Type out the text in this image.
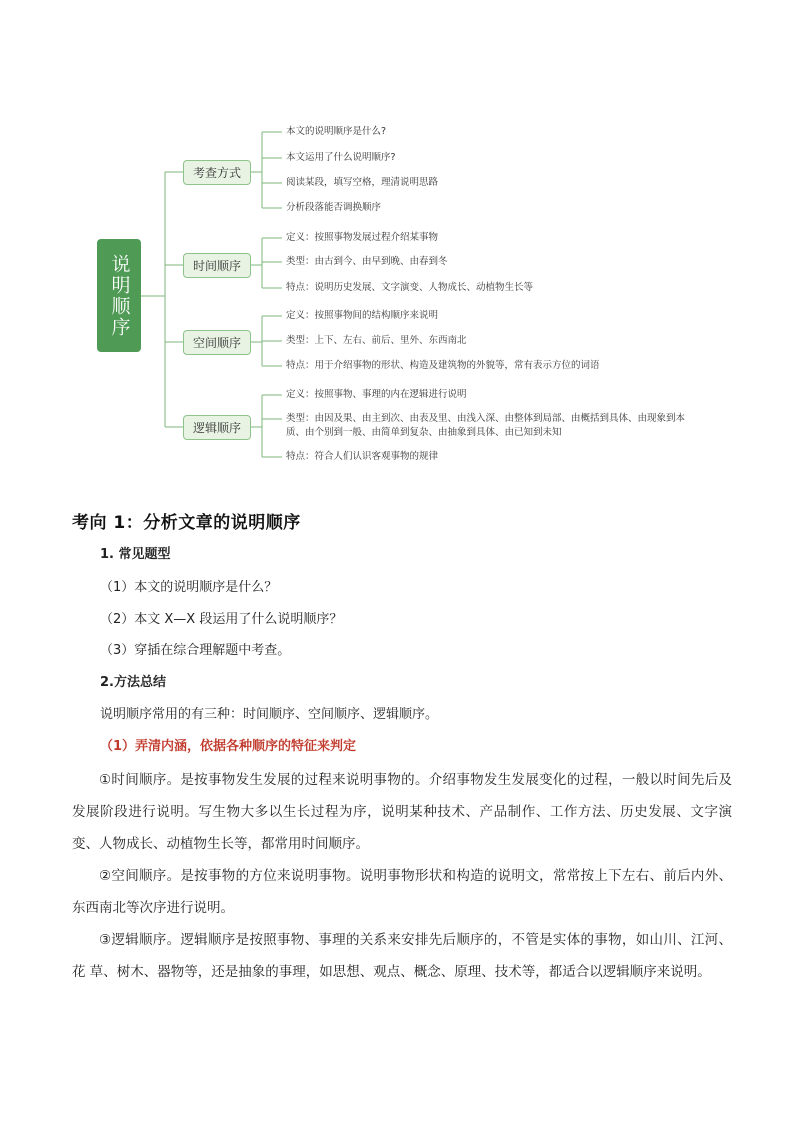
说明顺序
考查方式
时间顺序
空间顺序
逻辑顺序
本文的说明顺序是什么?
本文运用了什么说明顺序?
阅读某段，填写空格，理清说明思路
分析段落能否调换顺序
定义：按照事物发展过程介绍某事物
类型：由古到今、由早到晚、由春到冬
特点：说明历史发展、文字演变、人物成长、动植物生长等
定义：按照事物间的结构顺序来说明
类型：上下、左右、前后、里外、东西南北
特点：用于介绍事物的形状、构造及建筑物的外貌等，常有表示方位的词语
定义：按照事物、事理的内在逻辑进行说明
类型：由因及果、由主到次、由表及里、由浅入深、由整体到局部、由概括到具体、由现象到本质、由个别到一般、由简单到复杂、由抽象到具体、由已知到未知
特点：符合人们认识客观事物的规律
考向 1：分析文章的说明顺序
1. 常见题型
（1）本文的说明顺序是什么？
（2）本文 X—X 段运用了什么说明顺序？
（3）穿插在综合理解题中考查。
2.方法总结
说明顺序常用的有三种：时间顺序、空间顺序、逻辑顺序。
（1）弄清内涵，依据各种顺序的特征来判定
①时间顺序。是按事物发生发展的过程来说明事物的。介绍事物发生发展变化的过程，一般以时间先后及发展阶段进行说明。写生物大多以生长过程为序，说明某种技术、产品制作、工作方法、历史发展、文字演变、人物成长、动植物生长等，都常用时间顺序。
②空间顺序。是按事物的方位来说明事物。说明事物形状和构造的说明文，常常按上下左右、前后内外、东西南北等次序进行说明。
③逻辑顺序。逻辑顺序是按照事物、事理的关系来安排先后顺序的，不管是实体的事物，如山川、江河、花 草、树木、器物等，还是抽象的事理，如思想、观点、概念、原理、技术等，都适合以逻辑顺序来说明。
